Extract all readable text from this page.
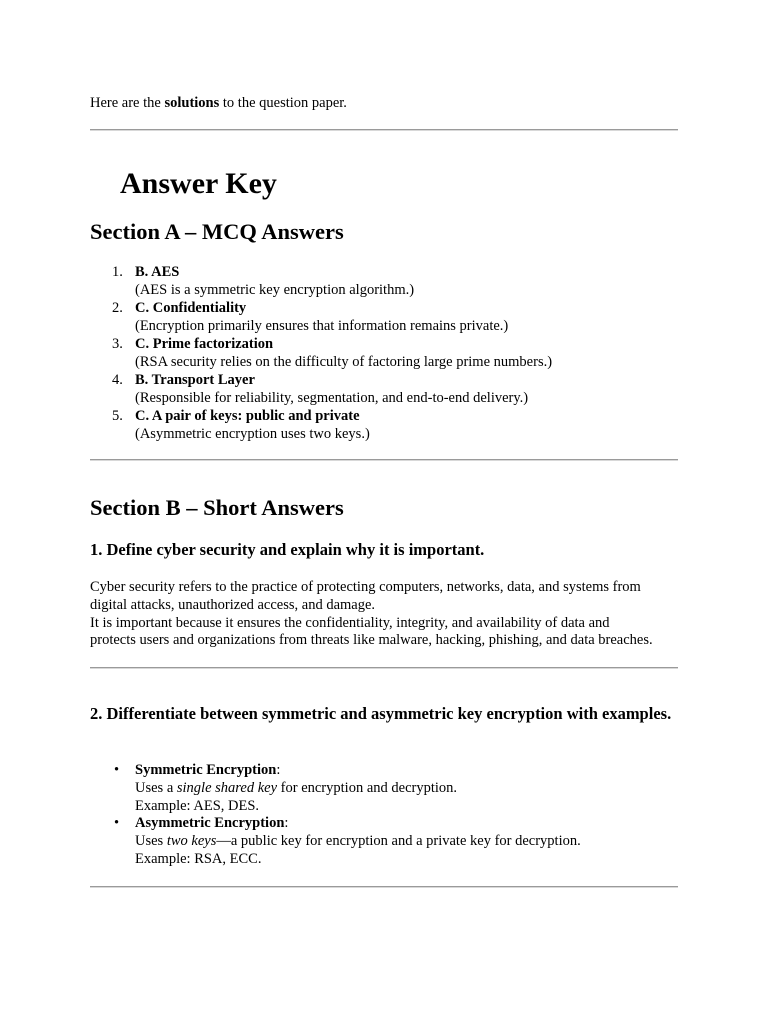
Here are the solutions to the question paper.

Answer Key
Section A – MCQ Answers
1. B. AES
(AES is a symmetric key encryption algorithm.)
2. C. Confidentiality
(Encryption primarily ensures that information remains private.)
3. C. Prime factorization
(RSA security relies on the difficulty of factoring large prime numbers.)
4. B. Transport Layer
(Responsible for reliability, segmentation, and end-to-end delivery.)
5. C. A pair of keys: public and private
(Asymmetric encryption uses two keys.)
Section B – Short Answers
1. Define cyber security and explain why it is important.

Cyber security refers to the practice of protecting computers, networks, data, and systems from
digital attacks, unauthorized access, and damage.
It is important because it ensures the confidentiality, integrity, and availability of data and
protects users and organizations from threats like malware, hacking, phishing, and data breaches.

2. Differentiate between symmetric and asymmetric key encryption with examples.
• Symmetric Encryption:
Uses a single shared key for encryption and decryption.
Example: AES, DES.
• Asymmetric Encryption:
Uses two keys—a public key for encryption and a private key for decryption.
Example: RSA, ECC.
